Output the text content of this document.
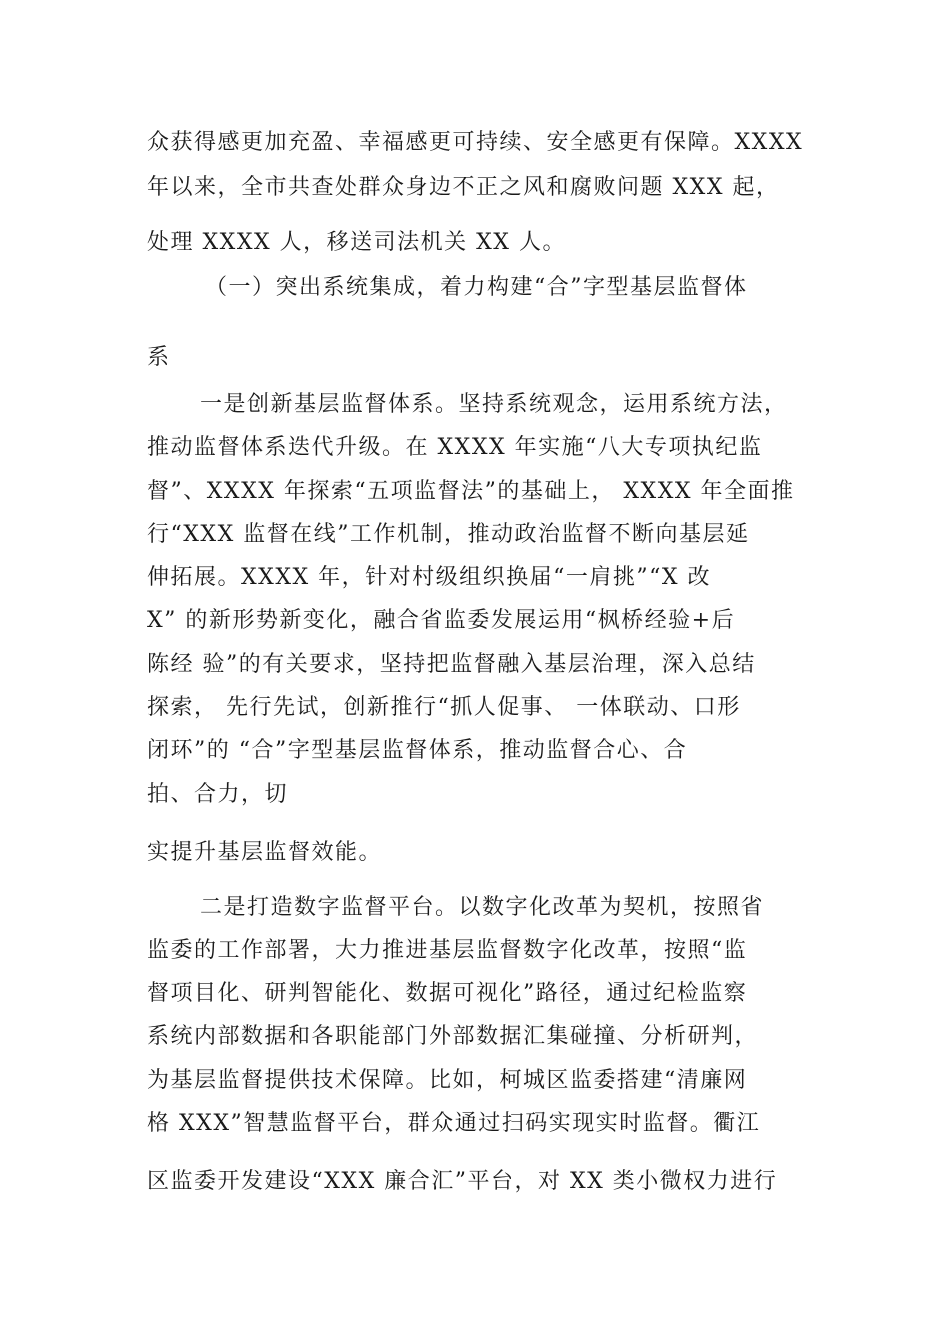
众获得感更加充盈、幸福感更可持续、安全感更有保障。XXXX
年以来，全市共查处群众身边不正之风和腐败问题 XXX 起，
处理 XXXX 人，移送司法机关 XX 人。
（一）突出系统集成，着力构建“合”字型基层监督体
系
一是创新基层监督体系。坚持系统观念，运用系统方法，
推动监督体系迭代升级。在 XXXX 年实施“八大专项执纪监
督”、XXXX 年探索“五项监督法”的基础上， XXXX 年全面推
行“XXX 监督在线”工作机制，推动政治监督不断向基层延
伸拓展。XXXX 年，针对村级组织换届“一肩挑”“X 改
X” 的新形势新变化，融合省监委发展运用“枫桥经验+后
陈经 验”的有关要求，坚持把监督融入基层治理，深入总结
探索， 先行先试，创新推行“抓人促事、 一体联动、口形
闭环”的 “合”字型基层监督体系，推动监督合心、合
拍、合力，切
实提升基层监督效能。
二是打造数字监督平台。以数字化改革为契机，按照省
监委的工作部署，大力推进基层监督数字化改革，按照“监
督项目化、研判智能化、数据可视化”路径，通过纪检监察
系统内部数据和各职能部门外部数据汇集碰撞、分析研判，
为基层监督提供技术保障。比如，柯城区监委搭建“清廉网
格 XXX”智慧监督平台，群众通过扫码实现实时监督。衢江
区监委开发建设“XXX 廉合汇”平台，对 XX 类小微权力进行
